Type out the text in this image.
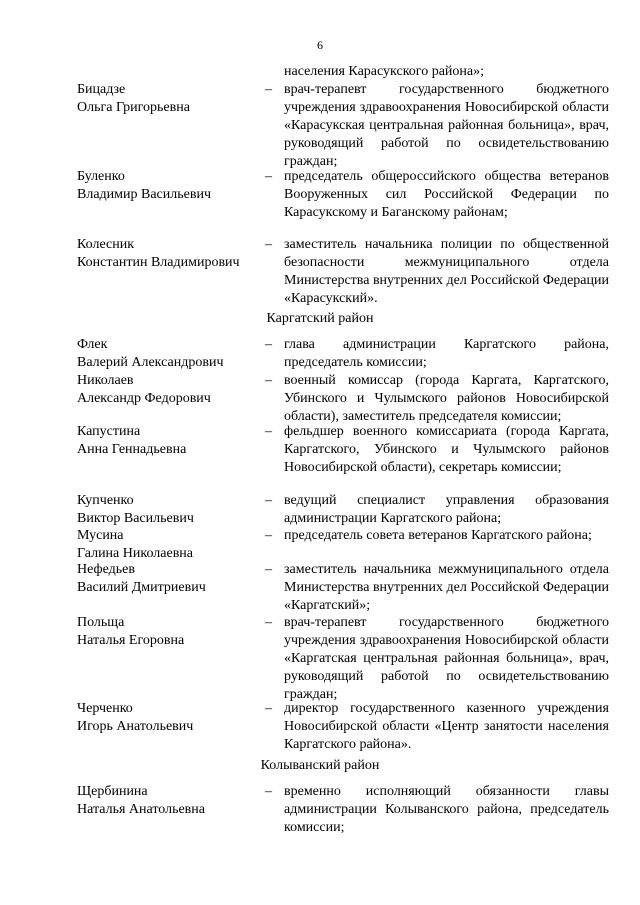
6
населения Карасукского района»;
Бицадзе
Ольга Григорьевна
– врач-терапевт государственного бюджетного учреждения здравоохранения Новосибирской области «Карасукская центральная районная больница», врач, руководящий работой по освидетельствованию граждан;
Буленко
Владимир Васильевич
– председатель общероссийского общества ветеранов Вооруженных сил Российской Федерации по Карасукскому и Баганскому районам;
Колесник
Константин Владимирович
– заместитель начальника полиции по общественной безопасности межмуниципального отдела Министерства внутренних дел Российской Федерации «Карасукский».
Каргатский район
Флек
Валерий Александрович
– глава администрации Каргатского района, председатель комиссии;
Николаев
Александр Федорович
– военный комиссар (города Каргата, Каргатского, Убинского и Чулымского районов Новосибирской области), заместитель председателя комиссии;
Капустина
Анна Геннадьевна
– фельдшер военного комиссариата (города Каргата, Каргатского, Убинского и Чулымского районов Новосибирской области), секретарь комиссии;
Купченко
Виктор Васильевич
– ведущий специалист управления образования администрации Каргатского района;
Мусина
Галина Николаевна
– председатель совета ветеранов Каргатского района;
Нефедьев
Василий Дмитриевич
– заместитель начальника межмуниципального отдела Министерства внутренних дел Российской Федерации «Каргатский»;
Польща
Наталья Егоровна
– врач-терапевт государственного бюджетного учреждения здравоохранения Новосибирской области «Каргатская центральная районная больница», врач, руководящий работой по освидетельствованию граждан;
Черченко
Игорь Анатольевич
– директор государственного казенного учреждения Новосибирской области «Центр занятости населения Каргатского района».
Колыванский район
Щербинина
Наталья Анатольевна
– временно исполняющий обязанности главы администрации Колыванского района, председатель комиссии;
